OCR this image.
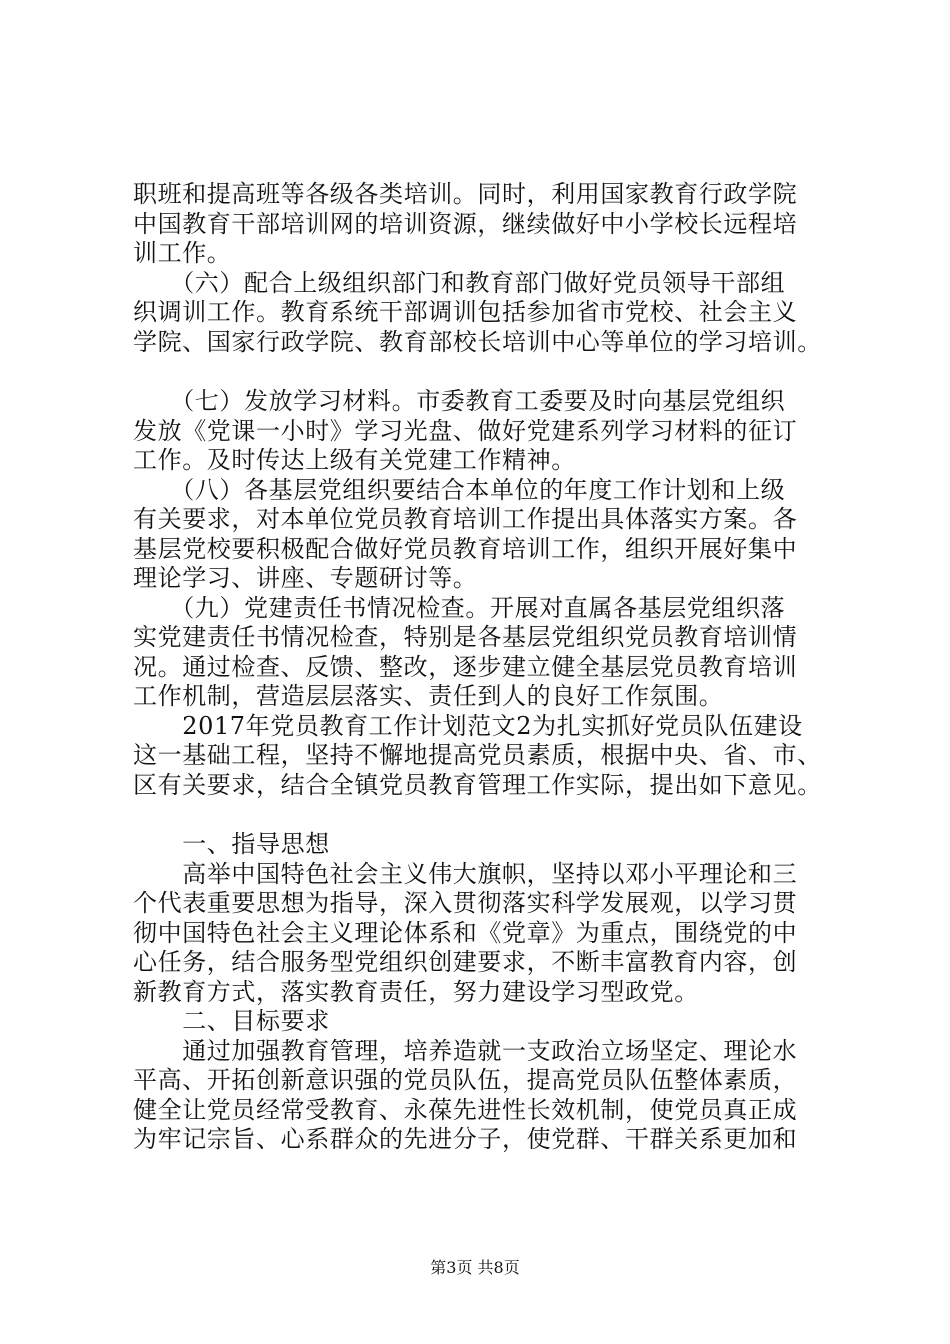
职班和提高班等各级各类培训。同时，利用国家教育行政学院
中国教育干部培训网的培训资源，继续做好中小学校长远程培
训工作。
　　（六）配合上级组织部门和教育部门做好党员领导干部组
织调训工作。教育系统干部调训包括参加省市党校、社会主义
学院、国家行政学院、教育部校长培训中心等单位的学习培训。
　　（七）发放学习材料。市委教育工委要及时向基层党组织
发放《党课一小时》学习光盘、做好党建系列学习材料的征订
工作。及时传达上级有关党建工作精神。
　　（八）各基层党组织要结合本单位的年度工作计划和上级
有关要求，对本单位党员教育培训工作提出具体落实方案。各
基层党校要积极配合做好党员教育培训工作，组织开展好集中
理论学习、讲座、专题研讨等。
　　（九）党建责任书情况检查。开展对直属各基层党组织落
实党建责任书情况检查，特别是各基层党组织党员教育培训情
况。通过检查、反馈、整改，逐步建立健全基层党员教育培训
工作机制，营造层层落实、责任到人的良好工作氛围。
　　2017年党员教育工作计划范文2为扎实抓好党员队伍建设
这一基础工程，坚持不懈地提高党员素质，根据中央、省、市、
区有关要求，结合全镇党员教育管理工作实际，提出如下意见。
　　一、指导思想
　　高举中国特色社会主义伟大旗帜，坚持以邓小平理论和三
个代表重要思想为指导，深入贯彻落实科学发展观，以学习贯
彻中国特色社会主义理论体系和《党章》为重点，围绕党的中
心任务，结合服务型党组织创建要求，不断丰富教育内容，创
新教育方式，落实教育责任，努力建设学习型政党。
　　二、目标要求
　　通过加强教育管理，培养造就一支政治立场坚定、理论水
平高、开拓创新意识强的党员队伍，提高党员队伍整体素质，
健全让党员经常受教育、永葆先进性长效机制，使党员真正成
为牢记宗旨、心系群众的先进分子，使党群、干群关系更加和
第3页 共8页
